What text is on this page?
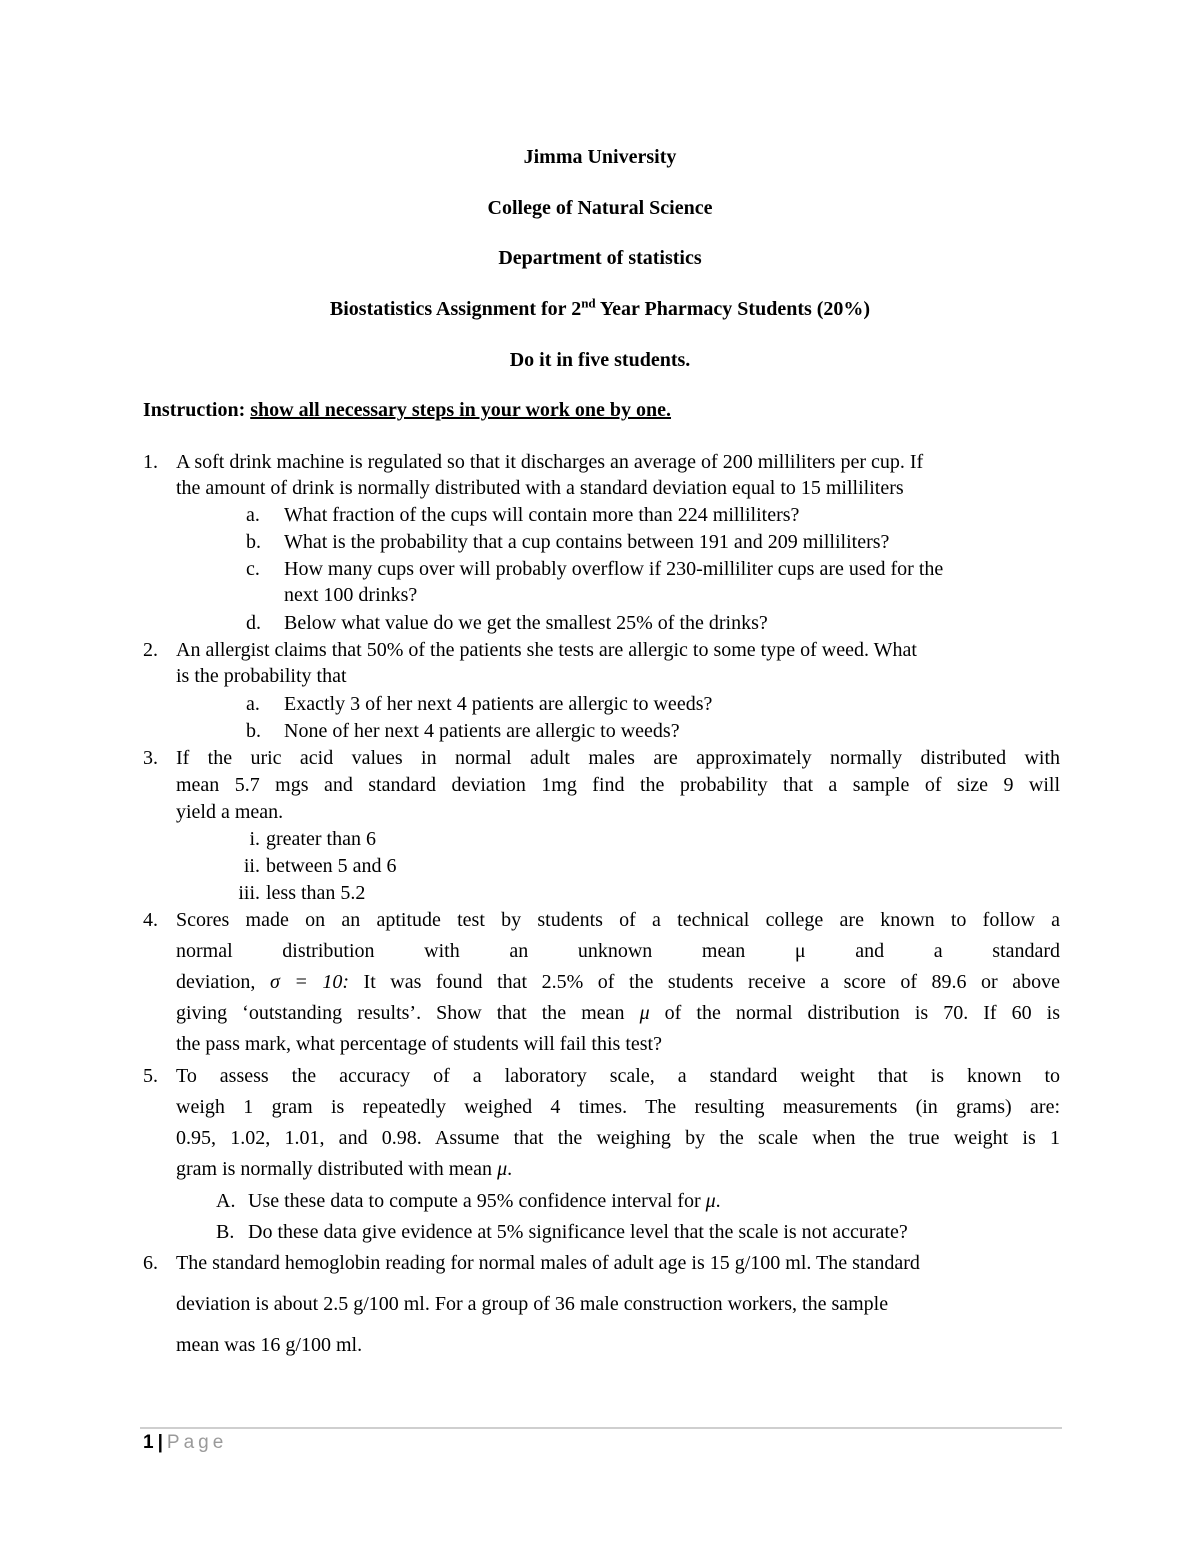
Jimma University
College of Natural Science
Department of statistics
Biostatistics Assignment for 2nd Year Pharmacy Students (20%)
Do it in five students.
Instruction: show all necessary steps in your work one by one.
1. A soft drink machine is regulated so that it discharges an average of 200 milliliters per cup. If
the amount of drink is normally distributed with a standard deviation equal to 15 milliliters
a. What fraction of the cups will contain more than 224 milliliters?
b. What is the probability that a cup contains between 191 and 209 milliliters?
c. How many cups over will probably overflow if 230-milliliter cups are used for the
next 100 drinks?
d. Below what value do we get the smallest 25% of the drinks?
2. An allergist claims that 50% of the patients she tests are allergic to some type of weed. What
is the probability that
a. Exactly 3 of her next 4 patients are allergic to weeds?
b. None of her next 4 patients are allergic to weeds?
3. If the uric acid values in normal adult males are approximately normally distributed with
mean 5.7 mgs and standard deviation 1mg find the probability that a sample of size 9 will
yield a mean.
i. greater than 6
ii. between 5 and 6
iii. less than 5.2
4. Scores made on an aptitude test by students of a technical college are known to follow a
normal distribution with an unknown mean μ and a standard
deviation, σ = 10: It was found that 2.5% of the students receive a score of 89.6 or above
giving ‘outstanding results’. Show that the mean μ of the normal distribution is 70. If 60 is
the pass mark, what percentage of students will fail this test?
5. To assess the accuracy of a laboratory scale, a standard weight that is known to
weigh 1 gram is repeatedly weighed 4 times. The resulting measurements (in grams) are:
0.95, 1.02, 1.01, and 0.98. Assume that the weighing by the scale when the true weight is 1
gram is normally distributed with mean μ.
A. Use these data to compute a 95% confidence interval for μ.
B. Do these data give evidence at 5% significance level that the scale is not accurate?
6. The standard hemoglobin reading for normal males of adult age is 15 g/100 ml. The standard
deviation is about 2.5 g/100 ml. For a group of 36 male construction workers, the sample
mean was 16 g/100 ml.
1 | Page
